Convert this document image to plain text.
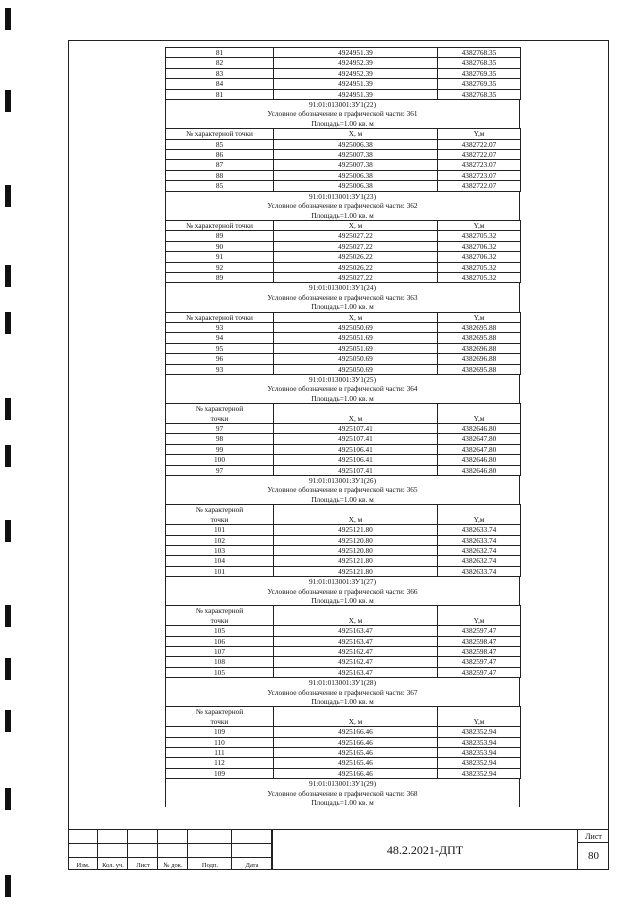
81	4924951.39	4382768.35
82	4924952.39	4382768.35
83	4924952.39	4382769.35
84	4924951.39	4382769.35
81	4924951.39	4382768.35
91:01:013001:ЗУ1(22)
Условное обозначение в графической части: 361
Площадь=1.00 кв. м
№ характерной точки	X, м	Y,м
85	4925006.38	4382722.07
86	4925007.38	4382722.07
87	4925007.38	4382723.07
88	4925006.38	4382723.07
85	4925006.38	4382722.07
91:01:013001:ЗУ1(23)
Условное обозначение в графической части: 362
Площадь=1.00 кв. м
№ характерной точки	X, м	Y,м
89	4925027.22	4382705.32
90	4925027.22	4382706.32
91	4925026.22	4382706.32
92	4925026.22	4382705.32
89	4925027.22	4382705.32
91:01:013001:ЗУ1(24)
Условное обозначение в графической части: 363
Площадь=1.00 кв. м
№ характерной точки	X, м	Y,м
93	4925050.69	4382695.88
94	4925051.69	4382695.88
95	4925051.69	4382696.88
96	4925050.69	4382696.88
93	4925050.69	4382695.88
91:01:013001:ЗУ1(25)
Условное обозначение в графической части: 364
Площадь=1.00 кв. м
№ характерной
точки	X, м	Y,м
97	4925107.41	4382646.80
98	4925107.41	4382647.80
99	4925106.41	4382647.80
100	4925106.41	4382646.80
97	4925107.41	4382646.80
91:01:013001:ЗУ1(26)
Условное обозначение в графической части: 365
Площадь=1.00 кв. м
№ характерной
точки	X, м	Y,м
101	4925121.80	4382633.74
102	4925120.80	4382633.74
103	4925120.80	4382632.74
104	4925121.80	4382632.74
101	4925121.80	4382633.74
91:01:013001:ЗУ1(27)
Условное обозначение в графической части: 366
Площадь=1.00 кв. м
№ характерной
точки	X, м	Y,м
105	4925163.47	4382597.47
106	4925163.47	4382598.47
107	4925162.47	4382598.47
108	4925162.47	4382597.47
105	4925163.47	4382597.47
91:01:013001:ЗУ1(28)
Условное обозначение в графической части: 367
Площадь=1.00 кв. м
№ характерной
точки	X, м	Y,м
109	4925166.46	4382352.94
110	4925166.46	4382353.94
111	4925165.46	4382353.94
112	4925165.46	4382352.94
109	4925166.46	4382352.94
91:01:013001:ЗУ1(29)
Условное обозначение в графической части: 368
Площадь=1.00 кв. м
Изм.	Кол. уч.	Лист	№ док.	Подп.	Дата
48.2.2021-ДПТ
Лист
80
